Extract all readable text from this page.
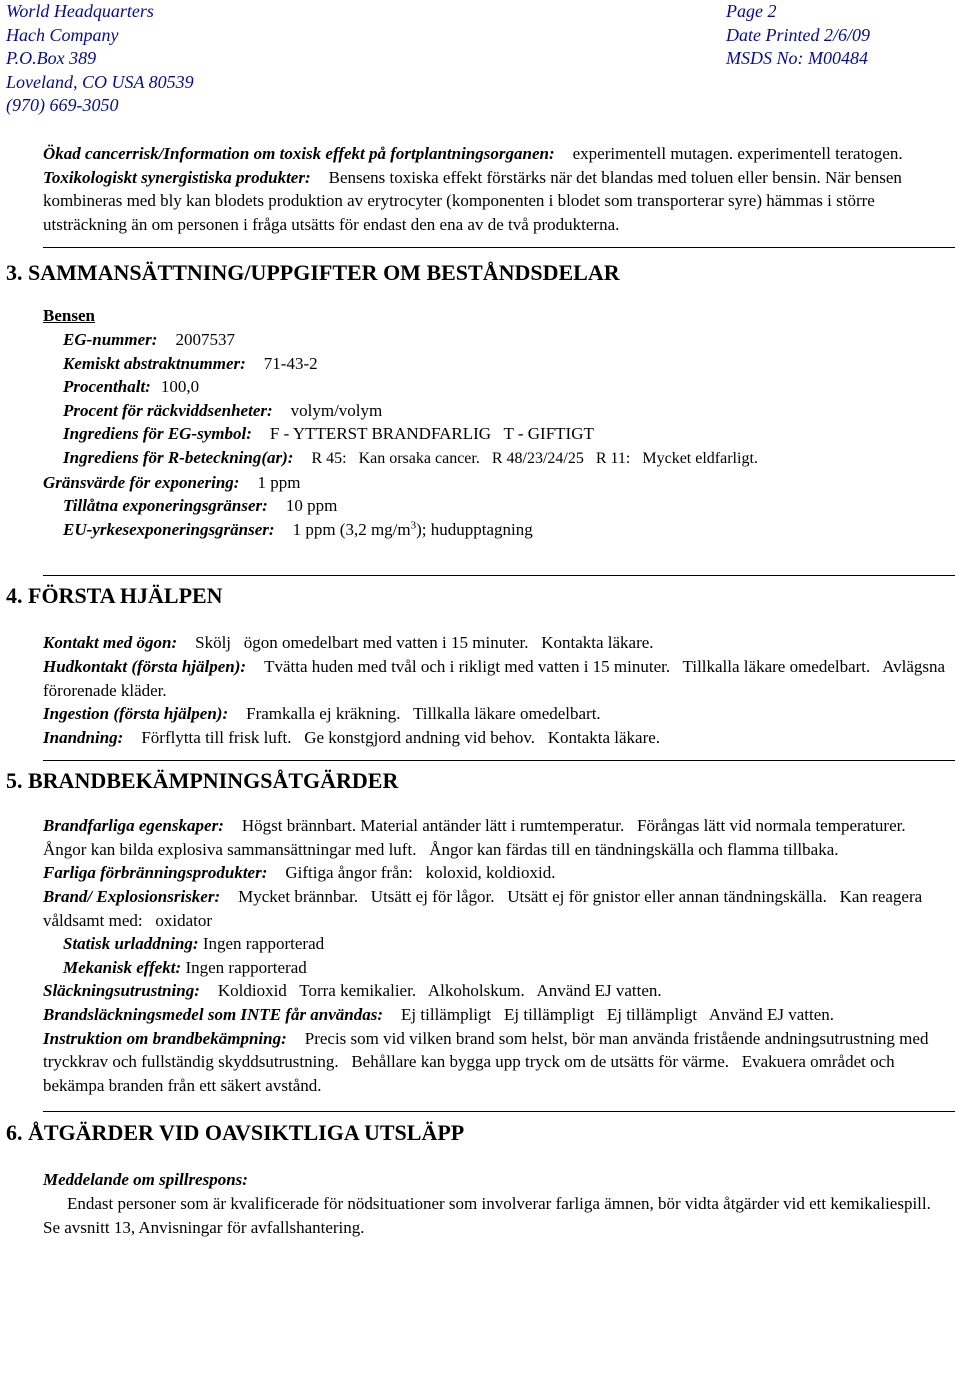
World Headquarters
Hach Company
P.O.Box 389
Loveland, CO USA 80539
(970) 669-3050
Page 2
Date Printed 2/6/09
MSDS No: M00484

Ökad cancerrisk/Information om toxisk effekt på fortplantningsorganen: experimentell mutagen. experimentell teratogen.

Toxikologiskt synergistiska produkter: Bensens toxiska effekt förstärks när det blandas med toluen eller bensin. När bensen kombineras med bly kan blodets produktion av erytrocyter (komponenten i blodet som transporterar syre) hämmas i större utsträckning än om personen i fråga utsätts för endast den ena av de två produkterna.

3. SAMMANSÄTTNING/UPPGIFTER OM BESTÅNDSDELAR

Bensen

EG-nummer: 2007537

Kemiskt abstraktnummer: 71-43-2

Procenthalt: 100,0

Procent för räckviddsenheter: volym/volym

Ingrediens för EG-symbol: F - YTTERST BRANDFARLIG   T - GIFTIGT

Ingrediens för R-beteckning(ar): R 45:   Kan orsaka cancer.   R 48/23/24/25   R 11:   Mycket eldfarligt.

Gränsvärde för exponering: 1 ppm

Tillåtna exponeringsgränser: 10 ppm

EU-yrkesexponeringsgränser: 1 ppm (3,2 $mg/m^3$); hudupptagning

4. FÖRSTA HJÄLPEN

Kontakt med ögon: Skölj   ögon omedelbart med vatten i 15 minuter.   Kontakta läkare.

Hudkontakt (första hjälpen): Tvätta huden med tvål och i rikligt med vatten i 15 minuter.   Tillkalla läkare omedelbart.   Avlägsna förorenade kläder.

Ingestion (första hjälpen): Framkalla ej kräkning.   Tillkalla läkare omedelbart.

Inandning: Förflytta till frisk luft.   Ge konstgjord andning vid behov.   Kontakta läkare.

5. BRANDBEKÄMPNINGSÅTGÄRDER

Brandfarliga egenskaper: Högst brännbart. Material antänder lätt i rumtemperatur.   Förångas lätt vid normala temperaturer.   Ångor kan bilda explosiva sammansättningar med luft.   Ångor kan färdas till en tändningskälla och flamma tillbaka.

Farliga förbränningsprodukter: Giftiga ångor från:   koloxid, koldioxid.

Brand/ Explosionsrisker: Mycket brännbar.   Utsätt ej för lågor.   Utsätt ej för gnistor eller annan tändningskälla.   Kan reagera våldsamt med:   oxidator

Statisk urladdning: Ingen rapporterad

Mekanisk effekt: Ingen rapporterad

Släckningsutrustning: Koldioxid   Torra kemikalier.   Alkoholskum.   Använd EJ vatten.

Brandsläckningsmedel som INTE får användas: Ej tillämpligt   Ej tillämpligt   Ej tillämpligt   Använd EJ vatten.

Instruktion om brandbekämpning: Precis som vid vilken brand som helst, bör man använda fristående andningsutrustning med tryckkrav och fullständig skyddsutrustning.   Behållare kan bygga upp tryck om de utsätts för värme.   Evakuera området och bekämpa branden från ett säkert avstånd.

6. ÅTGÄRDER VID OAVSIKTLIGA UTSLÄPP

Meddelande om spillrespons:

Endast personer som är kvalificerade för nödsituationer som involverar farliga ämnen, bör vidta åtgärder vid ett kemikaliespill.   Se avsnitt 13, Anvisningar för avfallshantering.
